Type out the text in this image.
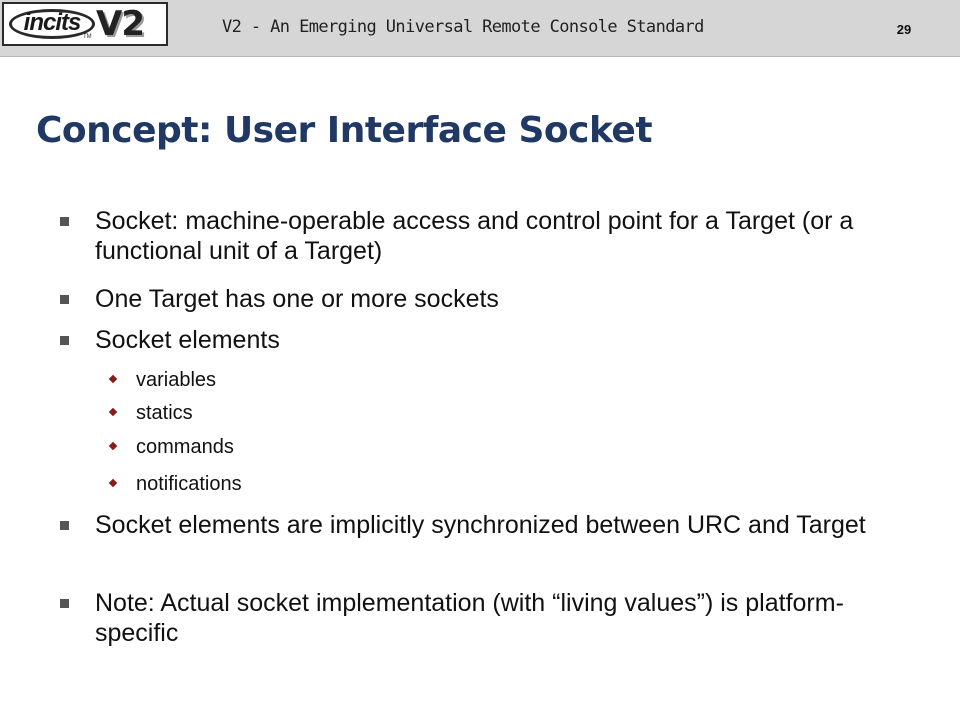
incits
TM V2	V2 - An Emerging Universal Remote Console Standard	29
Concept: User Interface Socket
Socket: machine-operable access and control point for a Target (or a functional unit of a Target)
One Target has one or more sockets
Socket elements
variables
statics
commands
notifications
Socket elements are implicitly synchronized between URC and Target
Note: Actual socket implementation (with “living values”) is platform-specific
